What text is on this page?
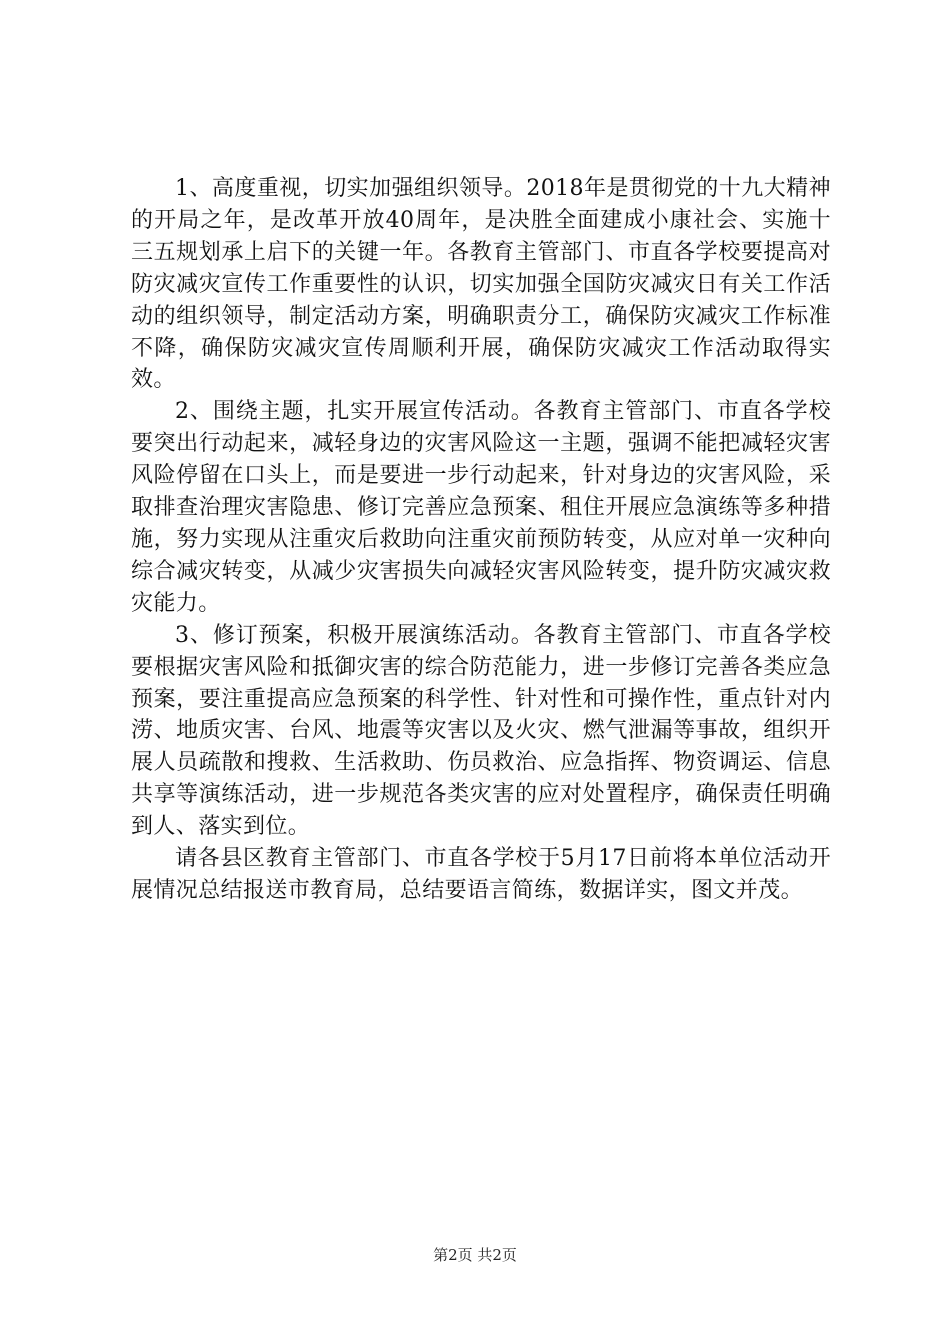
1、高度重视，切实加强组织领导。2018年是贯彻党的十九大精神的开局之年，是改革开放40周年，是决胜全面建成小康社会、实施十三五规划承上启下的关键一年。各教育主管部门、市直各学校要提高对防灾减灾宣传工作重要性的认识，切实加强全国防灾减灾日有关工作活动的组织领导，制定活动方案，明确职责分工，确保防灾减灾工作标准不降，确保防灾减灾宣传周顺利开展，确保防灾减灾工作活动取得实效。

2、围绕主题，扎实开展宣传活动。各教育主管部门、市直各学校要突出行动起来，减轻身边的灾害风险这一主题，强调不能把减轻灾害风险停留在口头上，而是要进一步行动起来，针对身边的灾害风险，采取排查治理灾害隐患、修订完善应急预案、租住开展应急演练等多种措施，努力实现从注重灾后救助向注重灾前预防转变，从应对单一灾种向综合减灾转变，从减少灾害损失向减轻灾害风险转变，提升防灾减灾救灾能力。

3、修订预案，积极开展演练活动。各教育主管部门、市直各学校要根据灾害风险和抵御灾害的综合防范能力，进一步修订完善各类应急预案，要注重提高应急预案的科学性、针对性和可操作性，重点针对内涝、地质灾害、台风、地震等灾害以及火灾、燃气泄漏等事故，组织开展人员疏散和搜救、生活救助、伤员救治、应急指挥、物资调运、信息共享等演练活动，进一步规范各类灾害的应对处置程序，确保责任明确到人、落实到位。

请各县区教育主管部门、市直各学校于5月17日前将本单位活动开展情况总结报送市教育局，总结要语言简练，数据详实，图文并茂。

第2页 共2页
